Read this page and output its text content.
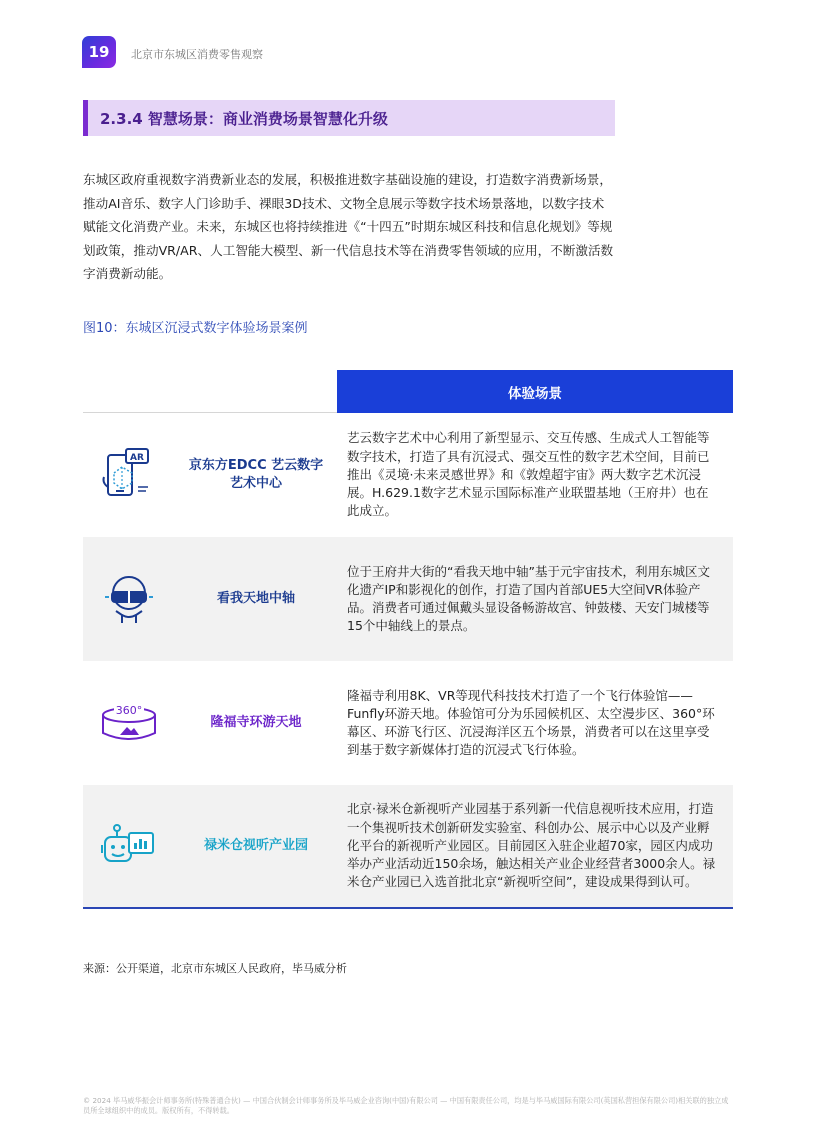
19	北京市东城区消费零售观察
2.3.4 智慧场景：商业消费场景智慧化升级

东城区政府重视数字消费新业态的发展，积极推进数字基础设施的建设，打造数字消费新场景，推动AI音乐、数字人门诊助手、裸眼3D技术、文物全息展示等数字技术场景落地，以数字技术赋能文化消费产业。未来，东城区也将持续推进《“十四五”时期东城区科技和信息化规划》等规划政策，推动VR/AR、人工智能大模型、新一代信息技术等在消费零售领域的应用，不断激活数字消费新动能。

图10：东城区沉浸式数字体验场景案例
体验场景
AR	京东方EDCC 艺云数字
艺术中心
艺云数字艺术中心利用了新型显示、交互传感、生成式人工智能等数字技术，打造了具有沉浸式、强交互性的数字艺术空间，目前已推出《灵境·未来灵感世界》和《敦煌超宇宙》两大数字艺术沉浸展。H.629.1数字艺术显示国际标准产业联盟基地（王府井）也在此成立。
看我天地中轴
位于王府井大街的“看我天地中轴”基于元宇宙技术，利用东城区文化遗产IP和影视化的创作，打造了国内首部UE5大空间VR体验产品。消费者可通过佩戴头显设备畅游故宫、钟鼓楼、天安门城楼等15个中轴线上的景点。
360°
隆福寺环游天地
隆福寺利用8K、VR等现代科技技术打造了一个飞行体验馆——Funfly环游天地。体验馆可分为乐园候机区、太空漫步区、360°环幕区、环游飞行区、沉浸海洋区五个场景，消费者可以在这里享受到基于数字新媒体打造的沉浸式飞行体验。
禄米仓视听产业园
北京·禄米仓新视听产业园基于系列新一代信息视听技术应用，打造一个集视听技术创新研发实验室、科创办公、展示中心以及产业孵化平台的新视听产业园区。目前园区入驻企业超70家，园区内成功举办产业活动近150余场，触达相关产业企业经营者3000余人。禄米仓产业园已入选首批北京“新视听空间”，建设成果得到认可。
来源：公开渠道，北京市东城区人民政府，毕马威分析
© 2024 毕马威华振会计师事务所(特殊普通合伙) — 中国合伙制会计师事务所及毕马威企业咨询(中国)有限公司 — 中国有限责任公司，均是与毕马威国际有限公司(英国私营担保有限公司)相关联的独立成员所全球组织中的成员。版权所有，不得转载。
